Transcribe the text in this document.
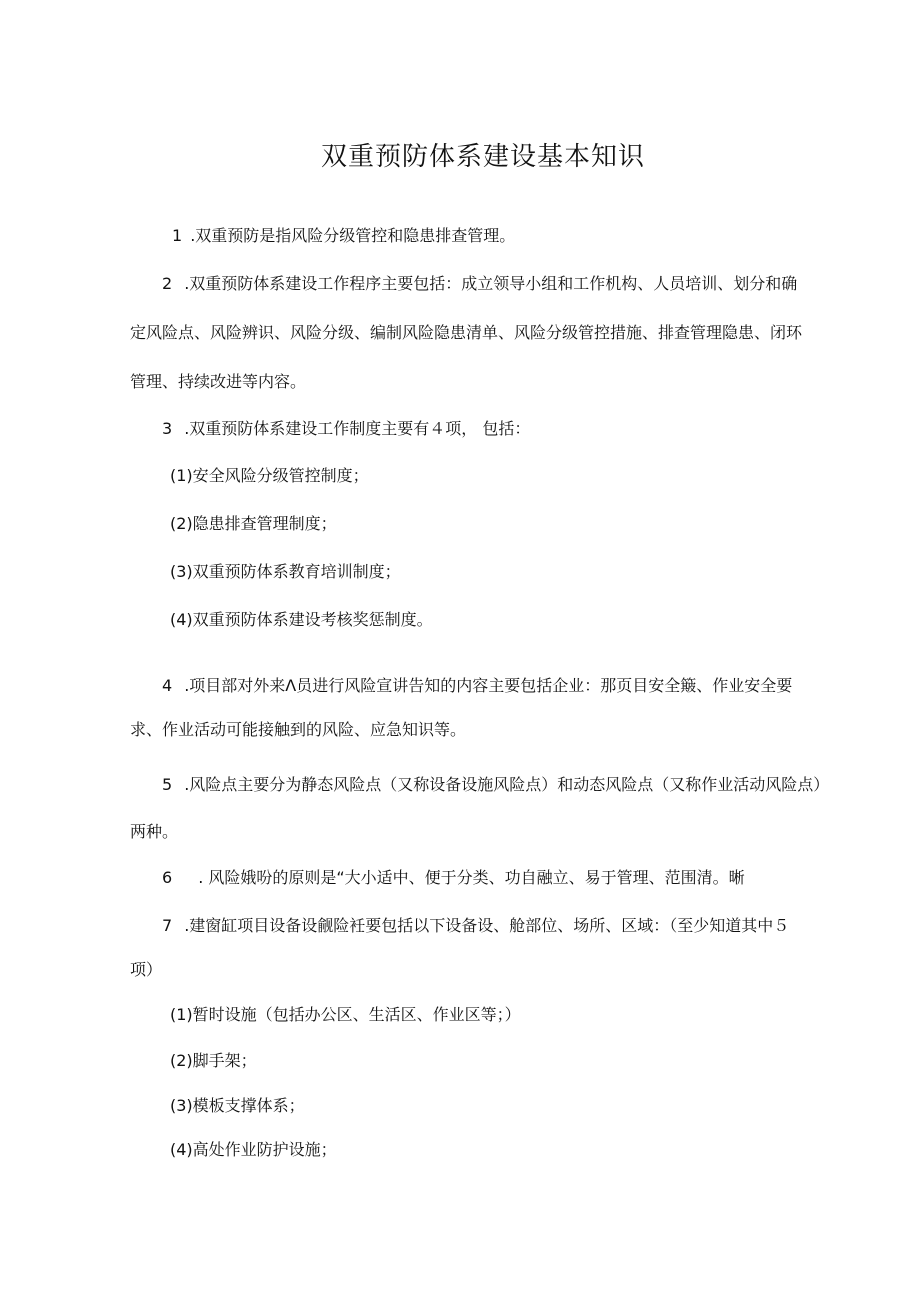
双重预防体系建设基本知识

1 .双重预防是指风险分级管控和隐患排查管理。

2 .双重预防体系建设工作程序主要包括：成立领导小组和工作机构、人员培训、划分和确

定风险点、风险辨识、风险分级、编制风险隐患清单、风险分级管控措施、排查管理隐患、闭环

管理、持续改进等内容。

3 .双重预防体系建设工作制度主要有４项， 包括：

(1)安全风险分级管控制度；

(2)隐患排查管理制度；

(3)双重预防体系教育培训制度；

(4)双重预防体系建设考核奖惩制度。

4 .项目部对外来Λ员进行风险宣讲告知的内容主要包括企业：那页目安全簸、作业安全要

求、作业活动可能接触到的风险、应急知识等。

5 .风险点主要分为静态风险点（又称设备设施风险点）和动态风险点（又称作业活动风险点）

两种。

6 . 风险娥吩的原则是“大小适中、便于分类、功自融立、易于管理、范围清。晰

7 .建窗缸项目设备设觎险衽要包括以下设备设、舱部位、场所、区域：（至少知道其中５

项）

(1)暂时设施（包括办公区、生活区、作业区等；）

(2)脚手架；

(3)模板支撑体系；

(4)高处作业防护设施；
